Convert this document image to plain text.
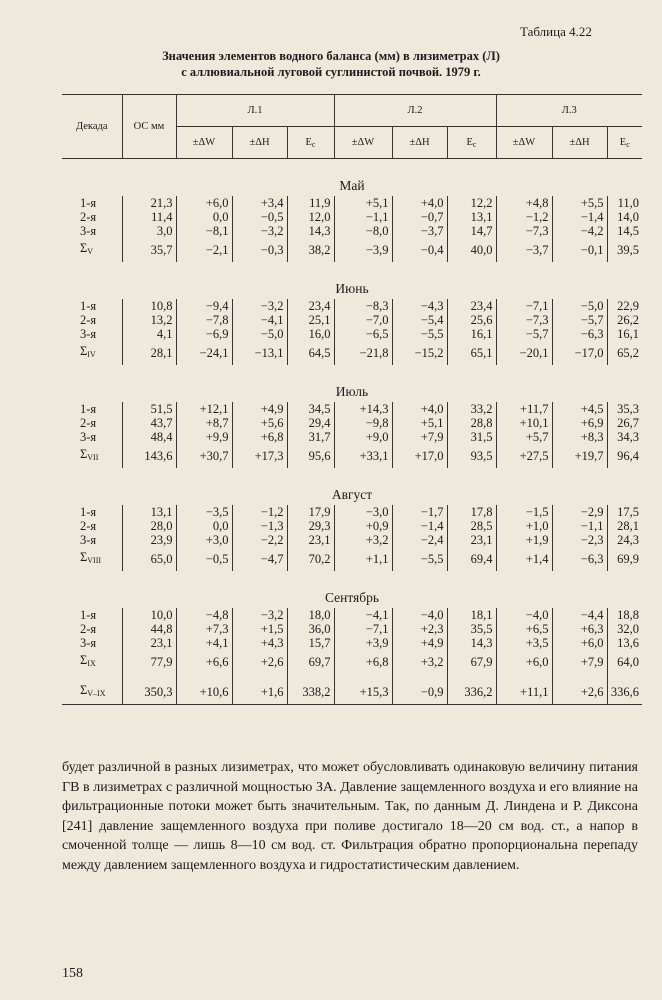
Таблица 4.22
Значения элементов водного баланса (мм) в лизиметрах (Л)
с аллювиальной луговой суглинистой почвой. 1979 г.
Декада	ОС мм	Л.1			Л.2			Л.3		
		±ΔW	±ΔH	$E_c$	±ΔW	±ΔH	$E_c$	±ΔW	±ΔH	$E_c$
Май										
1-я	21,3	+6,0	+3,4	11,9	+5,1	+4,0	12,2	+4,8	+5,5	11,0
2-я	11,4	0,0	−0,5	12,0	−1,1	−0,7	13,1	−1,2	−1,4	14,0
3-я	3,0	−8,1	−3,2	14,3	−8,0	−3,7	14,7	−7,3	−4,2	14,5
$\Sigma_V$	35,7	−2,1	−0,3	38,2	−3,9	−0,4	40,0	−3,7	−0,1	39,5
Июнь										
1-я	10,8	−9,4	−3,2	23,4	−8,3	−4,3	23,4	−7,1	−5,0	22,9
2-я	13,2	−7,8	−4,1	25,1	−7,0	−5,4	25,6	−7,3	−5,7	26,2
3-я	4,1	−6,9	−5,0	16,0	−6,5	−5,5	16,1	−5,7	−6,3	16,1
$\Sigma_{IV}$	28,1	−24,1	−13,1	64,5	−21,8	−15,2	65,1	−20,1	−17,0	65,2
Июль										
1-я	51,5	+12,1	+4,9	34,5	+14,3	+4,0	33,2	+11,7	+4,5	35,3
2-я	43,7	+8,7	+5,6	29,4	−9,8	+5,1	28,8	+10,1	+6,9	26,7
3-я	48,4	+9,9	+6,8	31,7	+9,0	+7,9	31,5	+5,7	+8,3	34,3
$\Sigma_{VII}$	143,6	+30,7	+17,3	95,6	+33,1	+17,0	93,5	+27,5	+19,7	96,4
Август										
1-я	13,1	−3,5	−1,2	17,9	−3,0	−1,7	17,8	−1,5	−2,9	17,5
2-я	28,0	0,0	−1,3	29,3	+0,9	−1,4	28,5	+1,0	−1,1	28,1
3-я	23,9	+3,0	−2,2	23,1	+3,2	−2,4	23,1	+1,9	−2,3	24,3
$\Sigma_{VIII}$	65,0	−0,5	−4,7	70,2	+1,1	−5,5	69,4	+1,4	−6,3	69,9
Сентябрь										
1-я	10,0	−4,8	−3,2	18,0	−4,1	−4,0	18,1	−4,0	−4,4	18,8
2-я	44,8	+7,3	+1,5	36,0	−7,1	+2,3	35,5	+6,5	+6,3	32,0
3-я	23,1	+4,1	+4,3	15,7	+3,9	+4,9	14,3	+3,5	+6,0	13,6
$\Sigma_{IX}$	77,9	+6,6	+2,6	69,7	+6,8	+3,2	67,9	+6,0	+7,9	64,0

$\Sigma_{V-IX}$	350,3	+10,6	+1,6	338,2	+15,3	−0,9	336,2	+11,1	+2,6	336,6
будет различной в разных лизиметрах, что может обусловливать одинаковую величину питания ГВ в лизиметрах с различной мощностью ЗА. Давление защемленного воздуха и его влияние на фильтрационные потоки может быть значительным. Так, по данным Д. Линдена и Р. Диксона [241] давление защемленного воздуха при поливе достигало 18—20 см вод. ст., а напор в смоченной толще — лишь 8—10 см вод. ст. Фильтрация обратно пропорциональна перепаду между давлением защемленного воздуха и гидростатистическим давлением.
158
